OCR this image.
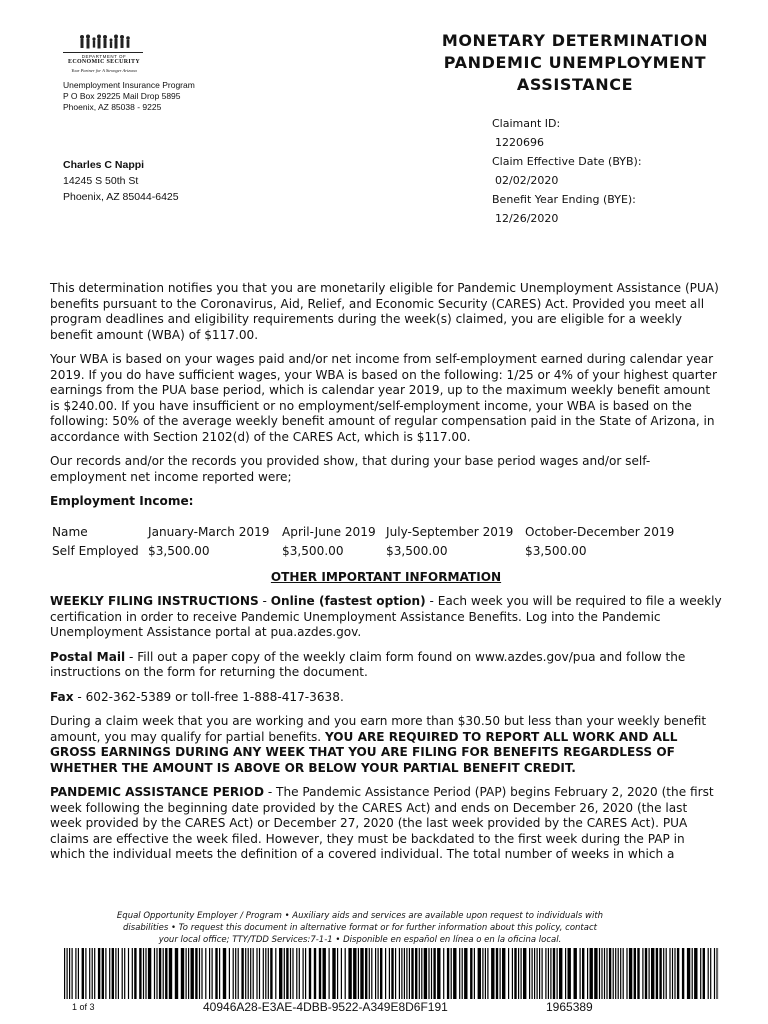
DEPARTMENT OF
ECONOMIC SECURITY
Your Partner for A Stronger Arizona
Unemployment Insurance Program
P O Box 29225 Mail Drop 5895
Phoenix, AZ 85038 - 9225
MONETARY DETERMINATION
PANDEMIC UNEMPLOYMENT
ASSISTANCE
Claimant ID:
1220696
Claim Effective Date (BYB):
02/02/2020
Benefit Year Ending (BYE):
12/26/2020
Charles C Nappi
14245 S 50th St
Phoenix, AZ 85044-6425

This determination notifies you that you are monetarily eligible for Pandemic Unemployment Assistance (PUA) benefits pursuant to the Coronavirus, Aid, Relief, and Economic Security (CARES) Act. Provided you meet all program deadlines and eligibility requirements during the week(s) claimed, you are eligible for a weekly benefit amount (WBA) of $117.00.

Your WBA is based on your wages paid and/or net income from self-employment earned during calendar year 2019. If you do have sufficient wages, your WBA is based on the following: 1/25 or 4% of your highest quarter earnings from the PUA base period, which is calendar year 2019, up to the maximum weekly benefit amount is $240.00. If you have insufficient or no employment/self-employment income, your WBA is based on the following: 50% of the average weekly benefit amount of regular compensation paid in the State of Arizona, in accordance with Section 2102(d) of the CARES Act, which is $117.00.

Our records and/or the records you provided show, that during your base period wages and/or self-employment net income reported were;

Employment Income:

Name	January-March 2019	April-June 2019	July-September 2019	October-December 2019
Self Employed	$3,500.00	$3,500.00	$3,500.00	$3,500.00

OTHER IMPORTANT INFORMATION

WEEKLY FILING INSTRUCTIONS - Online (fastest option) - Each week you will be required to file a weekly certification in order to receive Pandemic Unemployment Assistance Benefits. Log into the Pandemic Unemployment Assistance portal at pua.azdes.gov.

Postal Mail - Fill out a paper copy of the weekly claim form found on www.azdes.gov/pua and follow the instructions on the form for returning the document.

Fax - 602-362-5389 or toll-free 1-888-417-3638.

During a claim week that you are working and you earn more than $30.50 but less than your weekly benefit amount, you may qualify for partial benefits. YOU ARE REQUIRED TO REPORT ALL WORK AND ALL GROSS EARNINGS DURING ANY WEEK THAT YOU ARE FILING FOR BENEFITS REGARDLESS OF WHETHER THE AMOUNT IS ABOVE OR BELOW YOUR PARTIAL BENEFIT CREDIT.

PANDEMIC ASSISTANCE PERIOD - The Pandemic Assistance Period (PAP) begins February 2, 2020 (the first week following the beginning date provided by the CARES Act) and ends on December 26, 2020 (the last week provided by the CARES Act) or December 27, 2020 (the last week provided by the CARES Act). PUA claims are effective the week filed. However, they must be backdated to the first week during the PAP in which the individual meets the definition of a covered individual. The total number of weeks in which a

Equal Opportunity Employer / Program • Auxiliary aids and services are available upon request to individuals with
disabilities • To request this document in alternative format or for further information about this policy, contact
your local office; TTY/TDD Services:7-1-1 • Disponible en español en línea o en la oficina local.
1 of 3	40946A28-E3AE-4DBB-9522-A349E8D6F191	1965389
